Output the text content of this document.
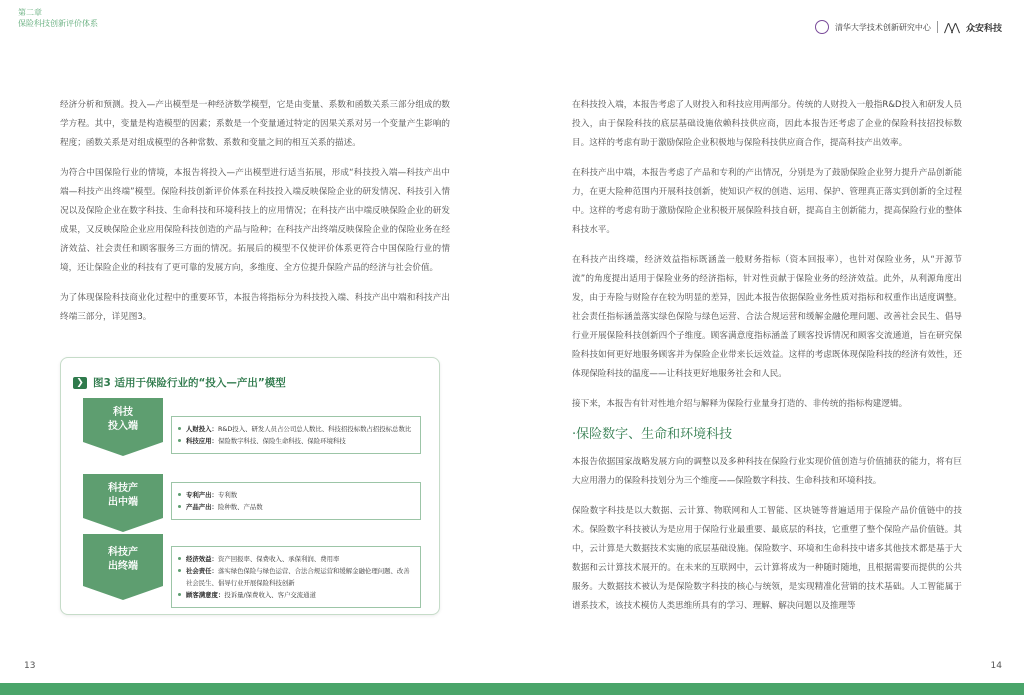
第二章
保险科技创新评价体系	清华大学技术创新研究中心 ⋀⋀ 众安科技

经济分析和预测。投入—产出模型是一种经济数学模型，它是由变量、系数和函数关系三部分组成的数学方程。其中，变量是构造模型的因素；系数是一个变量通过特定的因果关系对另一个变量产生影响的程度；函数关系是对组成模型的各种常数、系数和变量之间的相互关系的描述。

为符合中国保险行业的情境，本报告将投入—产出模型进行适当拓展，形成“科技投入端—科技产出中端—科技产出终端”模型。保险科技创新评价体系在科技投入端反映保险企业的研发情况、科技引入情况以及保险企业在数字科技、生命科技和环境科技上的应用情况；在科技产出中端反映保险企业的研发成果，又反映保险企业应用保险科技创造的产品与险种；在科技产出终端反映保险企业的保险业务在经济效益、社会责任和顾客服务三方面的情况。拓展后的模型不仅使评价体系更符合中国保险行业的情境，还让保险企业的科技有了更可靠的发展方向，多维度、全方位提升保险产品的经济与社会价值。

为了体现保险科技商业化过程中的重要环节，本报告将指标分为科技投入端、科技产出中端和科技产出终端三部分，详见图3。

❯ 图3 适用于保险行业的“投入—产出”模型
科技
投入端	人财投入：R&D投入、研发人员占公司总人数比、科技招投标数占招投标总数比
科技应用：保险数字科技、保险生命科技、保险环境科技
科技产
出中端
专利产出：专利数
产品产出：险种数、产品数
科技产
出终端
经济效益：资产回报率、保费收入、承保利润、费用率
社会责任：落实绿色保险与绿色运营、合法合规运营和缓解金融伦理问题、改善社会民生、倡导行业开展保险科技创新
顾客满意度：投诉量/保费收入、客户交流通道

在科技投入端，本报告考虑了人财投入和科技应用两部分。传统的人财投入一般指R&D投入和研发人员投入，由于保险科技的底层基础设施依赖科技供应商，因此本报告还考虑了企业的保险科技招投标数目。这样的考虑有助于激励保险企业积极地与保险科技供应商合作，提高科技产出效率。

在科技产出中端，本报告考虑了产品和专利的产出情况，分别是为了鼓励保险企业努力提升产品创新能力，在更大险种范围内开展科技创新，使知识产权的创造、运用、保护、管理真正落实到创新的全过程中。这样的考虑有助于激励保险企业积极开展保险科技自研，提高自主创新能力，提高保险行业的整体科技水平。

在科技产出终端，经济效益指标既涵盖一般财务指标（资本回报率），也针对保险业务，从“开源节流”的角度提出适用于保险业务的经济指标，针对性贡献于保险业务的经济效益。此外，从利源角度出发，由于寿险与财险存在较为明显的差异，因此本报告依据保险业务性质对指标和权重作出适度调整。社会责任指标涵盖落实绿色保险与绿色运营、合法合规运营和缓解金融伦理问题、改善社会民生、倡导行业开展保险科技创新四个子维度。顾客满意度指标涵盖了顾客投诉情况和顾客交流通道，旨在研究保险科技如何更好地服务顾客并为保险企业带来长远效益。这样的考虑既体现保险科技的经济有效性，还体现保险科技的温度——让科技更好地服务社会和人民。

接下来，本报告有针对性地介绍与解释为保险行业量身打造的、非传统的指标构建逻辑。

·保险数字、生命和环境科技

本报告依据国家战略发展方向的调整以及多种科技在保险行业实现价值创造与价值捕获的能力，将有巨大应用潜力的保险科技划分为三个维度——保险数字科技、生命科技和环境科技。

保险数字科技是以大数据、云计算、物联网和人工智能、区块链等普遍适用于保险产品价值链中的技术。保险数字科技被认为是应用于保险行业最重要、最底层的科技，它重塑了整个保险产品价值链。其中，云计算是大数据技术实施的底层基础设施。保险数字、环境和生命科技中诸多其他技术都是基于大数据和云计算技术展开的。在未来的互联网中，云计算将成为一种随时随地，且根据需要而提供的公共服务。大数据技术被认为是保险数字科技的核心与统领，是实现精准化营销的技术基础。人工智能属于谱系技术，该技术模仿人类思维所具有的学习、理解、解决问题以及推理等

13	14
